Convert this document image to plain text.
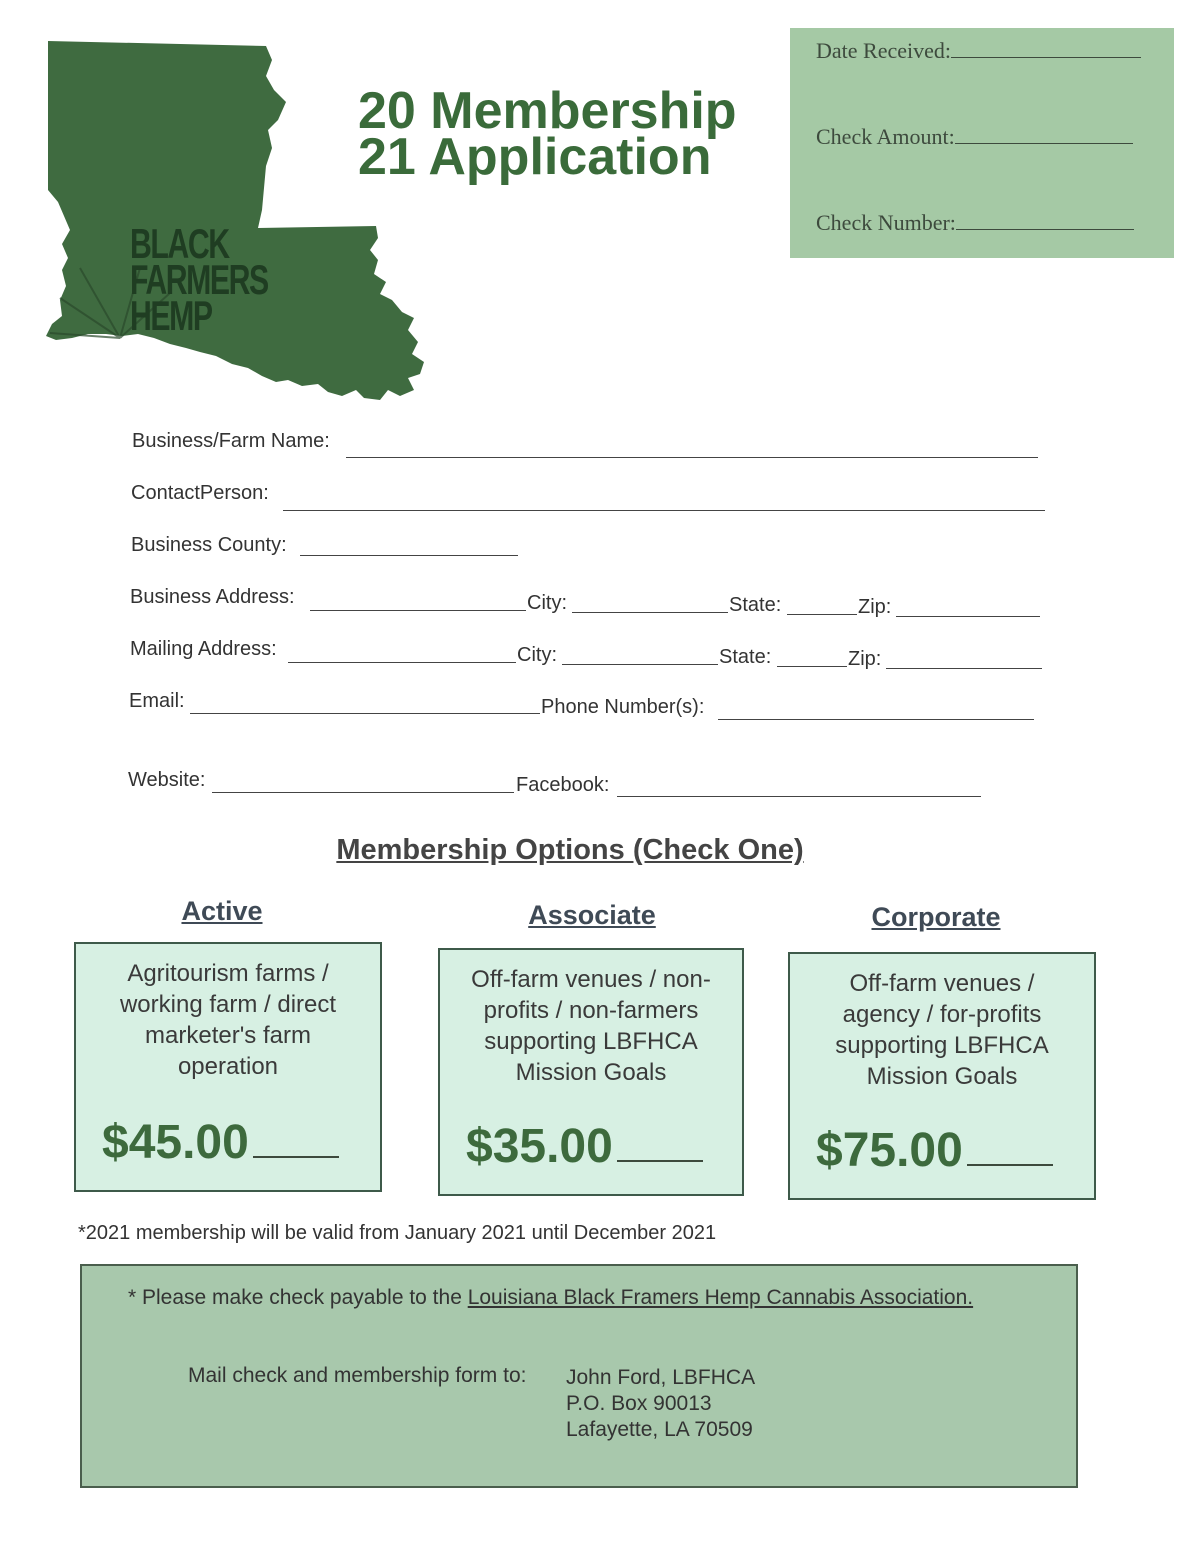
BLACK
FARMERS
HEMP
20 Membership
21 Application
Date Received:
Check Amount:
Check Number:
Business/Farm Name:
ContactPerson:
Business County:
Business Address:	City:	State:	Zip:
Mailing Address:	City:	State:	Zip:
Email:	Phone Number(s):
Website:	Facebook:
Membership Options (Check One)
Active	Associate	Corporate
Agritourism farms / working farm / direct marketer's farm operation
$45.00
Off-farm venues / non-profits / non-farmers supporting LBFHCA Mission Goals
$35.00
Off-farm venues / agency / for-profits supporting LBFHCA Mission Goals
$75.00
*2021 membership will be valid from January 2021 until December 2021
* Please make check payable to the Louisiana Black Framers Hemp Cannabis Association.
Mail check and membership form to: John Ford, LBFHCA
P.O. Box 90013
Lafayette, LA 70509
